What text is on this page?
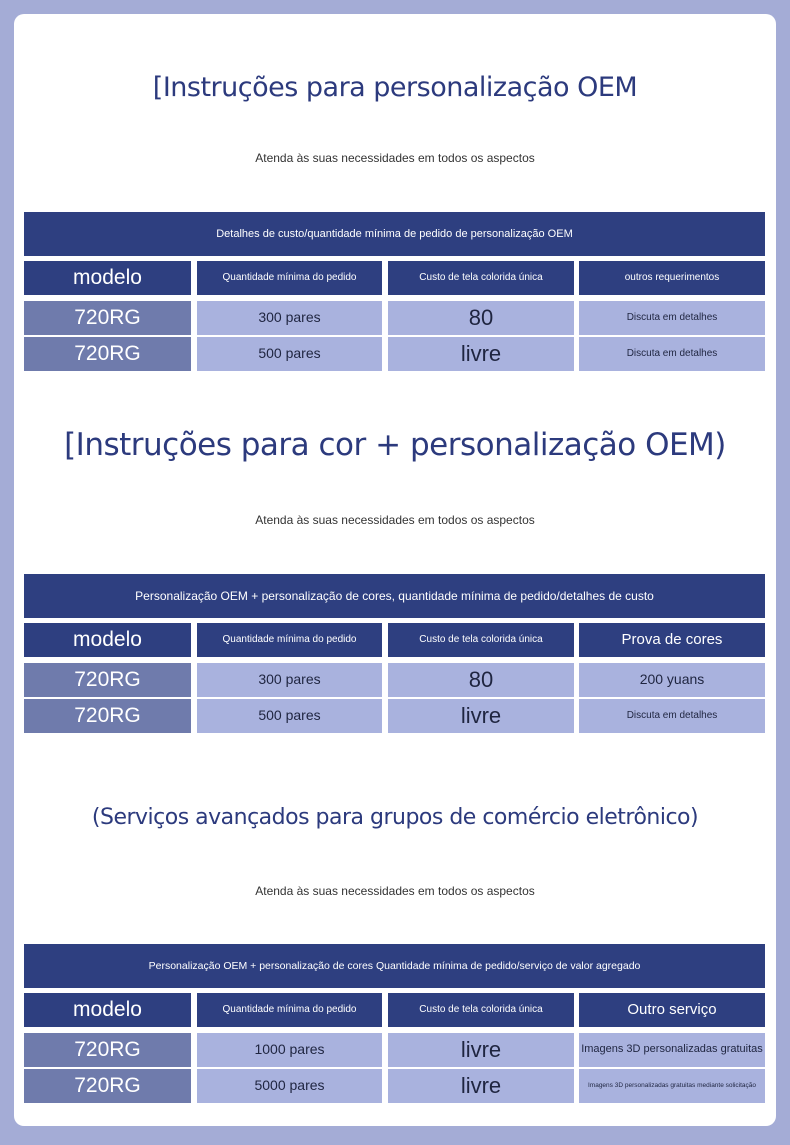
[Instruções para personalização OEM
Atenda às suas necessidades em todos os aspectos
Detalhes de custo/quantidade mínima de pedido de personalização OEM
modelo	Quantidade mínima do pedido	Custo de tela colorida única	outros requerimentos
720RG	300 pares	80	Discuta em detalhes
720RG	500 pares	livre	Discuta em detalhes
[Instruções para cor + personalização OEM)
Atenda às suas necessidades em todos os aspectos
Personalização OEM + personalização de cores, quantidade mínima de pedido/detalhes de custo
modelo	Quantidade mínima do pedido	Custo de tela colorida única	Prova de cores
720RG	300 pares	80	200 yuans
720RG	500 pares	livre	Discuta em detalhes
(Serviços avançados para grupos de comércio eletrônico)
Atenda às suas necessidades em todos os aspectos
Personalização OEM + personalização de cores Quantidade mínima de pedido/serviço de valor agregado
modelo	Quantidade mínima do pedido	Custo de tela colorida única	Outro serviço
720RG	1000 pares	livre	Imagens 3D personalizadas gratuitas
720RG	5000 pares	livre	Imagens 3D personalizadas gratuitas mediante solicitação
